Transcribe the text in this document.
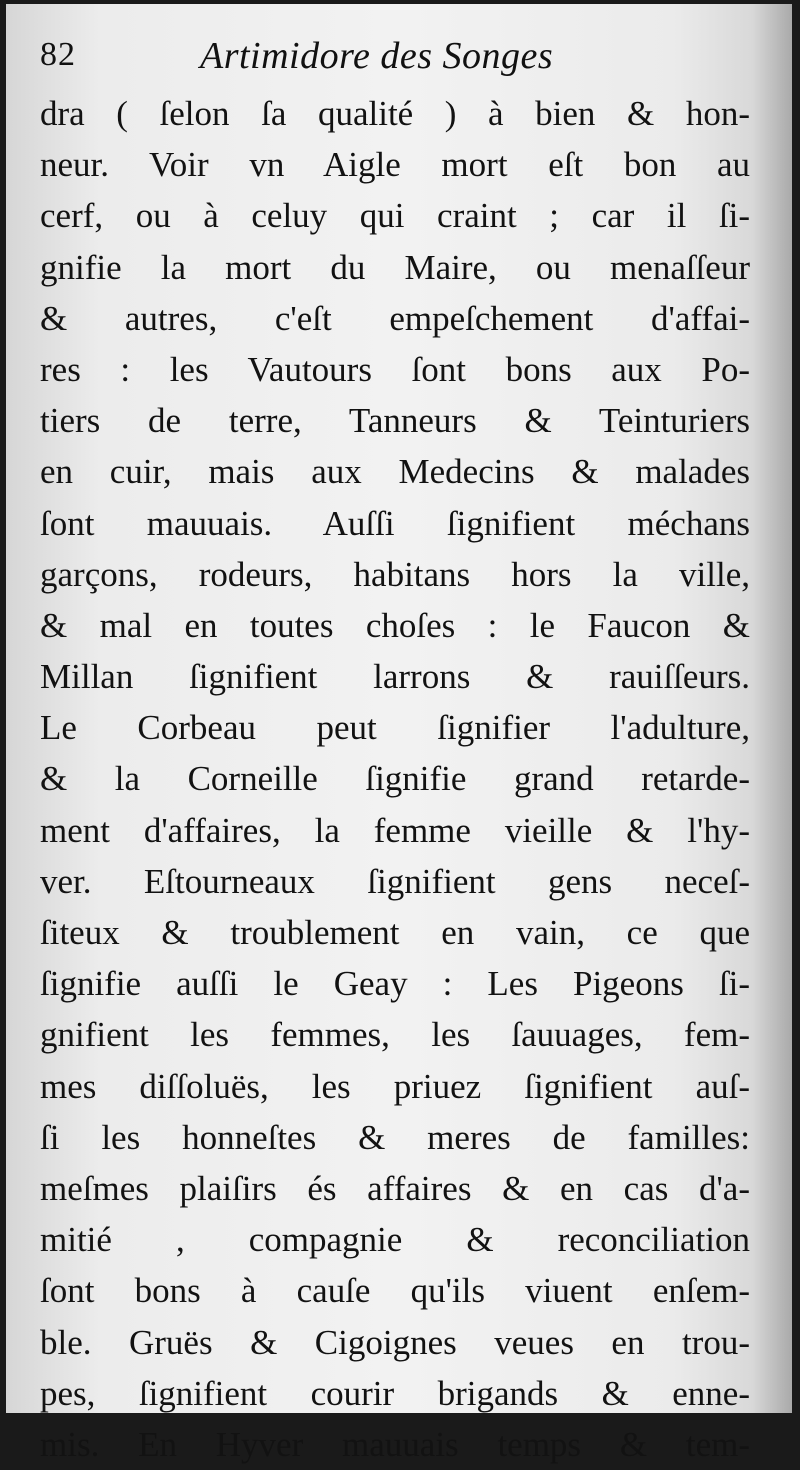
82	Artimidore des Songes
dra ( ſelon ſa qualité ) à bien & hon-
neur. Voir vn Aigle mort eſt bon au
cerf, ou à celuy qui craint ; car il ſi-
gnifie la mort du Maire, ou menaſſeur
& autres, c'eſt empeſchement d'affai-
res : les Vautours ſont bons aux Po-
tiers de terre, Tanneurs & Teinturiers
en cuir, mais aux Medecins & malades
ſont mauuais. Auſſi ſignifient méchans
garçons, rodeurs, habitans hors la ville,
& mal en toutes choſes : le Faucon &
Millan ſignifient larrons & rauiſſeurs.
Le Corbeau peut ſignifier l'adulture,
& la Corneille ſignifie grand retarde-
ment d'affaires, la femme vieille & l'hy-
ver. Eſtourneaux ſignifient gens neceſ-
ſiteux & troublement en vain, ce que
ſignifie auſſi le Geay : Les Pigeons ſi-
gnifient les femmes, les ſauuages, fem-
mes diſſoluës, les priuez ſignifient auſ-
ſi les honneſtes & meres de familles:
meſmes plaiſirs és affaires & en cas d'a-
mitié , compagnie & reconciliation
ſont bons à cauſe qu'ils viuent enſem-
ble. Gruës & Cigoignes veues en trou-
pes, ſignifient courir brigands & enne-
mis. En Hyver mauuais temps & tem-
